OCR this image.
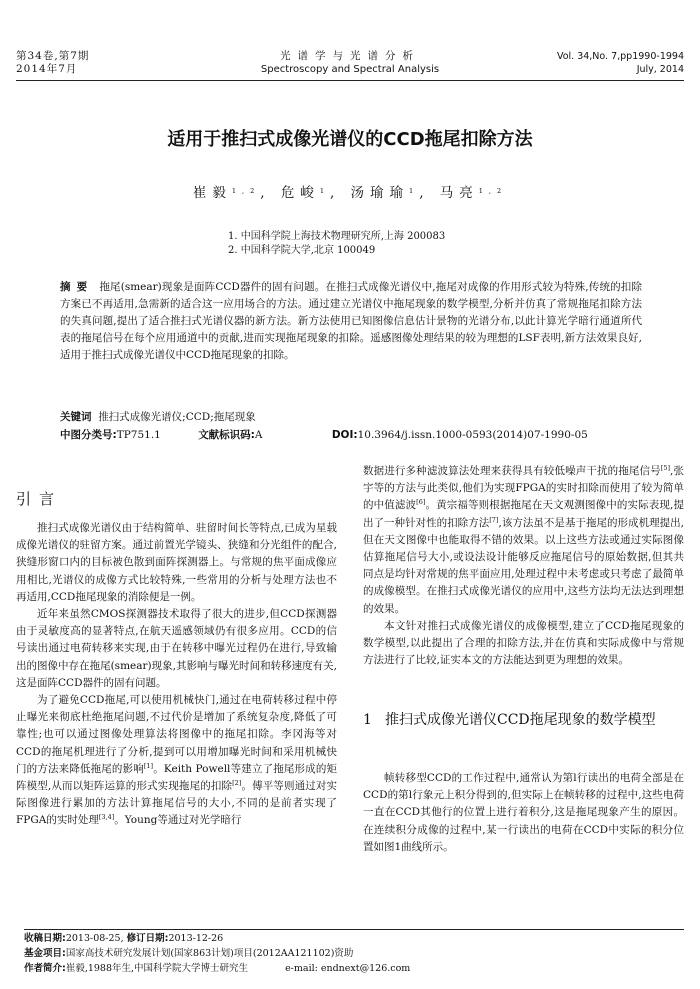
第34卷,第7期
2014年7月
光谱学与光谱分析
Spectroscopy and Spectral Analysis
Vol. 34,No. 7,pp1990-1994
July, 2014
适用于推扫式成像光谱仪的CCD拖尾扣除方法
崔毅$^{1,2}$, 危峻$^1$, 汤瑜瑜$^1$, 马亮$^{1,2}$
1. 中国科学院上海技术物理研究所,上海 200083
2. 中国科学院大学,北京 100049
摘要 拖尾(smear)现象是面阵CCD器件的固有问题。在推扫式成像光谱仪中,拖尾对成像的作用形式较为特殊,传统的扣除方案已不再适用,急需新的适合这一应用场合的方法。通过建立光谱仪中拖尾现象的数学模型,分析并仿真了常规拖尾扣除方法的失真问题,提出了适合推扫式光谱仪器的新方法。新方法使用已知图像信息估计景物的光谱分布,以此计算光学暗行通道所代表的拖尾信号在每个应用通道中的贡献,进而实现拖尾现象的扣除。遥感图像处理结果的较为理想的LSF表明,新方法效果良好,适用于推扫式成像光谱仪中CCD拖尾现象的扣除。
关键词 推扫式成像光谱仪;CCD;拖尾现象
中图分类号:TP751.1	文献标识码:A	DOI:10.3964/j.issn.1000-0593(2014)07-1990-05
引言

推扫式成像光谱仪由于结构简单、驻留时间长等特点,已成为星载成像光谱仪的驻留方案。通过前置光学镜头、狭缝和分光组件的配合,狭缝形窗口内的目标被色散到面阵探测器上。与常规的焦平面成像应用相比,光谱仪的成像方式比较特殊,一些常用的分析与处理方法也不再适用,CCD拖尾现象的消除便是一例。

近年来虽然CMOS探测器技术取得了很大的进步,但CCD探测器由于灵敏度高的显著特点,在航天遥感领域仍有很多应用。CCD的信号读出通过电荷转移来实现,由于在转移中曝光过程仍在进行,导致输出的图像中存在拖尾(smear)现象,其影响与曝光时间和转移速度有关,这是面阵CCD器件的固有问题。

为了避免CCD拖尾,可以使用机械快门,通过在电荷转移过程中停止曝光来彻底杜绝拖尾问题,不过代价是增加了系统复杂度,降低了可靠性;也可以通过图像处理算法将图像中的拖尾扣除。李冈海等对CCD的拖尾机理进行了分析,提到可以用增加曝光时间和采用机械快门的方法来降低拖尾的影响[1]。Keith Powell等建立了拖尾形成的矩阵模型,从而以矩阵运算的形式实现拖尾的扣除[2]。傅平等则通过对实际图像进行累加的方法计算拖尾信号的大小,不同的是前者实现了FPGA的实时处理[3,4]。Young等通过对光学暗行

数据进行多种滤波算法处理来获得具有较低噪声干扰的拖尾信号[5],张宇等的方法与此类似,他们为实现FPGA的实时扣除而使用了较为简单的中值滤波[6]。黄宗福等则根据拖尾在天文观测图像中的实际表现,提出了一种针对性的扣除方法[7],该方法虽不是基于拖尾的形成机理提出,但在天文图像中也能取得不错的效果。以上这些方法或通过实际图像估算拖尾信号大小,或设法设计能够反应拖尾信号的原始数据,但其共同点是均针对常规的焦平面应用,处理过程中未考虑或只考虑了最简单的成像模型。在推扫式成像光谱仪的应用中,这些方法均无法达到理想的效果。

本文针对推扫式成像光谱仪的成像模型,建立了CCD拖尾现象的数学模型,以此提出了合理的扣除方法,并在仿真和实际成像中与常规方法进行了比较,证实本文的方法能达到更为理想的效果。

1 推扫式成像光谱仪CCD拖尾现象的数学模型

帧转移型CCD的工作过程中,通常认为第l行读出的电荷全部是在CCD的第l行象元上积分得到的,但实际上在帧转移的过程中,这些电荷一直在CCD其他行的位置上进行着积分,这是拖尾现象产生的原因。在连续积分成像的过程中,某一行读出的电荷在CCD中实际的积分位置如图1曲线所示。

收稿日期:2013-08-25, 修订日期:2013-12-26
基金项目:国家高技术研究发展计划(国家863计划)项目(2012AA121102)资助
作者简介:崔毅,1988年生,中国科学院大学博士研究生	e-mail: endnext@126.com
